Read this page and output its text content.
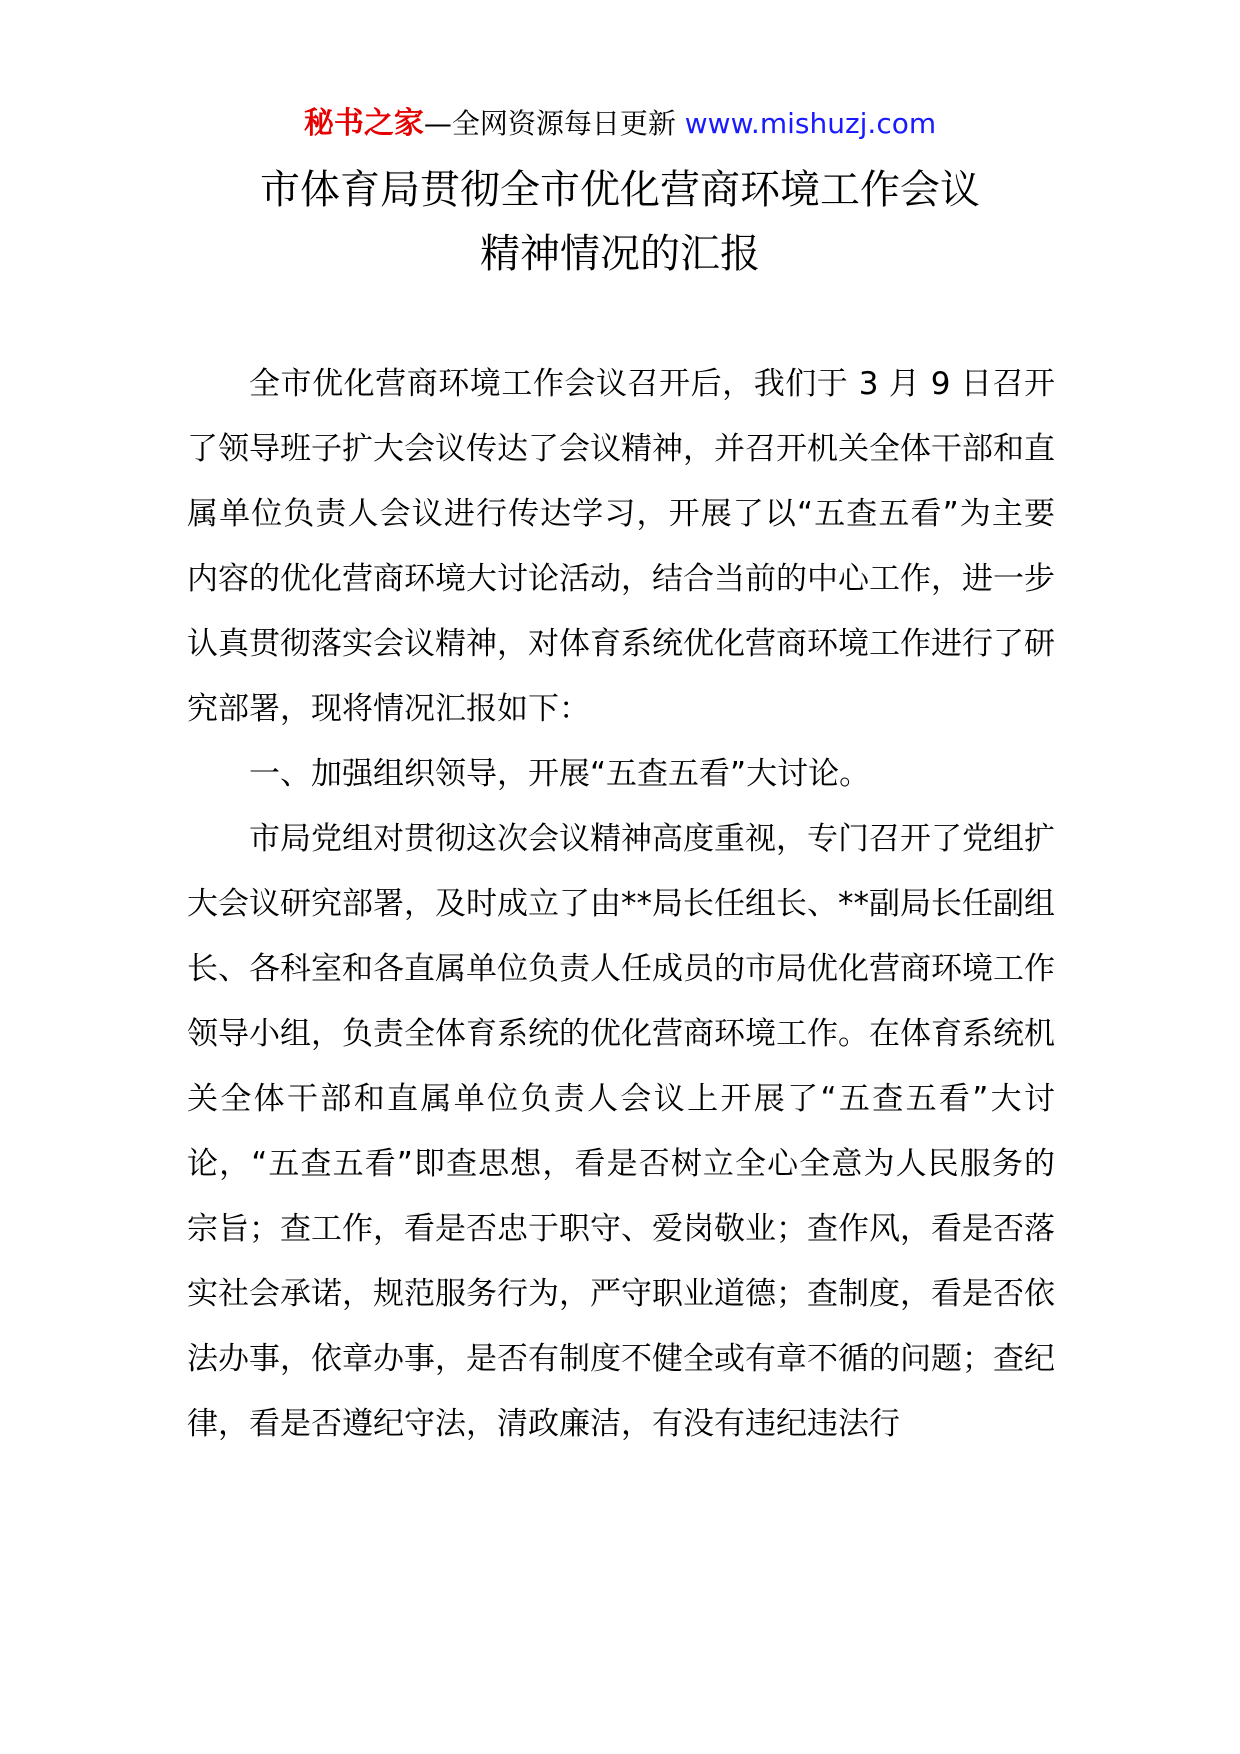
秘书之家—全网资源每日更新 www.mishuzj.com
市体育局贯彻全市优化营商环境工作会议
精神情况的汇报

全市优化营商环境工作会议召开后，我们于 3 月 9 日召开了领导班子扩大会议传达了会议精神，并召开机关全体干部和直属单位负责人会议进行传达学习，开展了以“五查五看”为主要内容的优化营商环境大讨论活动，结合当前的中心工作，进一步认真贯彻落实会议精神，对体育系统优化营商环境工作进行了研究部署，现将情况汇报如下：

一、加强组织领导，开展“五查五看”大讨论。

市局党组对贯彻这次会议精神高度重视，专门召开了党组扩大会议研究部署，及时成立了由**局长任组长、**副局长任副组长、各科室和各直属单位负责人任成员的市局优化营商环境工作领导小组，负责全体育系统的优化营商环境工作。在体育系统机关全体干部和直属单位负责人会议上开展了“五查五看”大讨论，“五查五看”即查思想，看是否树立全心全意为人民服务的宗旨；查工作，看是否忠于职守、爱岗敬业；查作风，看是否落实社会承诺，规范服务行为，严守职业道德；查制度，看是否依法办事，依章办事，是否有制度不健全或有章不循的问题；查纪律，看是否遵纪守法，清政廉洁，有没有违纪违法行
